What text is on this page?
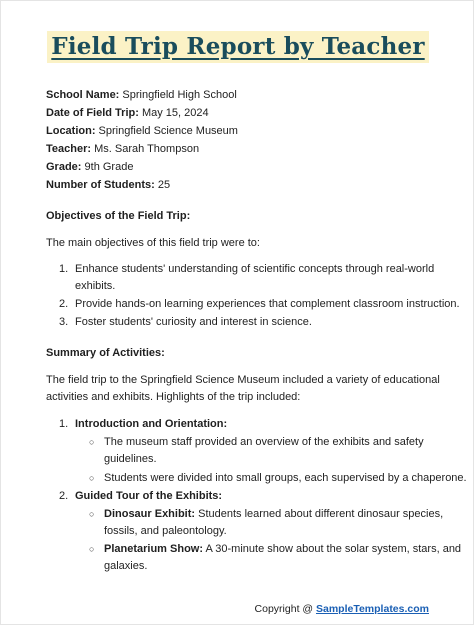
Field Trip Report by Teacher
School Name: Springfield High School
Date of Field Trip: May 15, 2024
Location: Springfield Science Museum
Teacher: Ms. Sarah Thompson
Grade: 9th Grade
Number of Students: 25
Objectives of the Field Trip:
The main objectives of this field trip were to:
1. Enhance students' understanding of scientific concepts through real-world
exhibits.
2. Provide hands-on learning experiences that complement classroom instruction.
3. Foster students' curiosity and interest in science.
Summary of Activities:
The field trip to the Springfield Science Museum included a variety of educational
activities and exhibits. Highlights of the trip included:
1. Introduction and Orientation:
○ The museum staff provided an overview of the exhibits and safety
guidelines.
○ Students were divided into small groups, each supervised by a chaperone.
2. Guided Tour of the Exhibits:
○ Dinosaur Exhibit: Students learned about different dinosaur species,
fossils, and paleontology.
○ Planetarium Show: A 30-minute show about the solar system, stars, and
galaxies.
Copyright @ SampleTemplates.com
